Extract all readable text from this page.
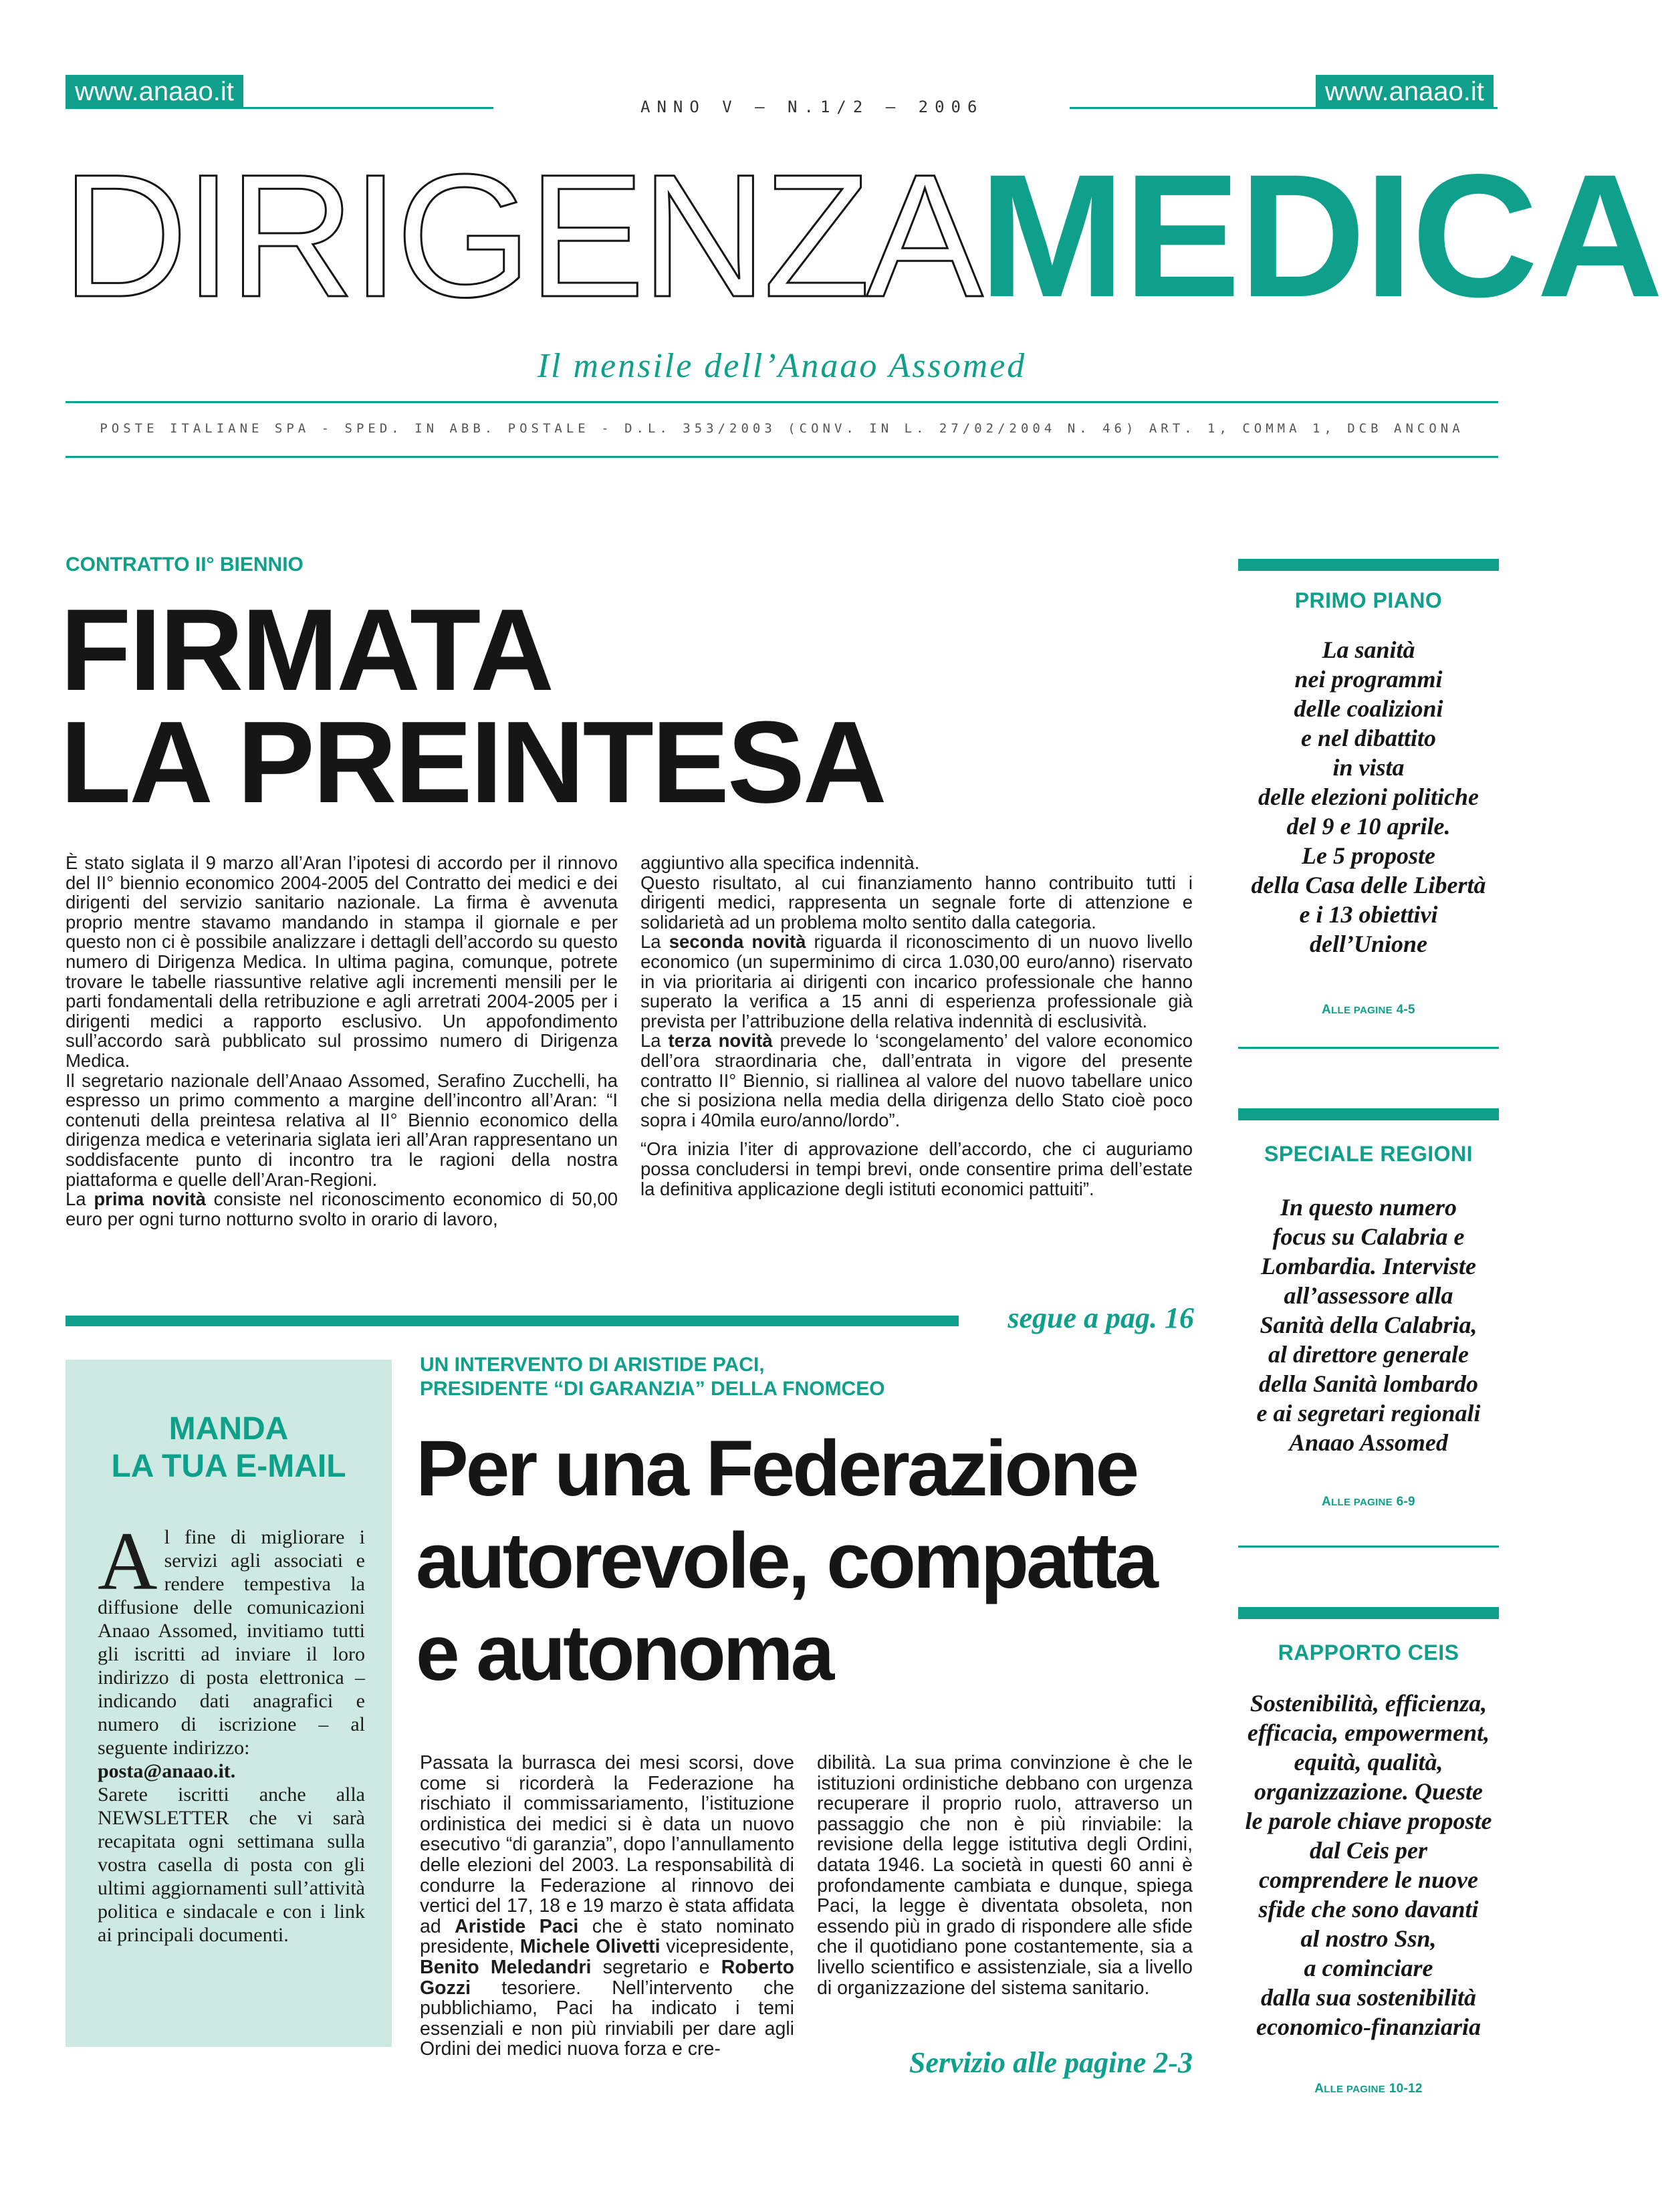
www.anaao.it
ANNO V – N.1/2 – 2006
www.anaao.it
DIRIGENZAMEDICA
Il mensile dell’Anaao Assomed
POSTE ITALIANE SPA - SPED. IN ABB. POSTALE - D.L. 353/2003 (CONV. IN L. 27/02/2004 N. 46) ART. 1, COMMA 1, DCB ANCONA
CONTRATTO II° BIENNIO
FIRMATA
LA PREINTESA

È stato siglata il 9 marzo all’Aran l’ipotesi di accordo per il rinnovo del II° biennio economico 2004-2005 del Contratto dei medici e dei dirigenti del servizio sanitario nazionale. La firma è avvenuta proprio mentre stavamo mandando in stampa il giornale e per questo non ci è possibile analizzare i dettagli dell’accordo su questo numero di Dirigenza Medica. In ultima pagina, comunque, potrete trovare le tabelle riassuntive relative agli incrementi mensili per le parti fondamentali della retribuzione e agli arretrati 2004-2005 per i dirigenti medici a rapporto esclusivo. Un appofondimento sull’accordo sarà pubblicato sul prossimo numero di Dirigenza Medica.

Il segretario nazionale dell’Anaao Assomed, Serafino Zucchelli, ha espresso un primo commento a margine dell’incontro all’Aran: “I contenuti della preintesa relativa al II° Biennio economico della dirigenza medica e veterinaria siglata ieri all’Aran rappresentano un soddisfacente punto di incontro tra le ragioni della nostra piattaforma e quelle dell’Aran-Regioni.

La prima novità consiste nel riconoscimento economico di 50,00 euro per ogni turno notturno svolto in orario di lavoro,

aggiuntivo alla specifica indennità.

Questo risultato, al cui finanziamento hanno contribuito tutti i dirigenti medici, rappresenta un segnale forte di attenzione e solidarietà ad un problema molto sentito dalla categoria.

La seconda novità riguarda il riconoscimento di un nuovo livello economico (un superminimo di circa 1.030,00 euro/anno) riservato in via prioritaria ai dirigenti con incarico professionale che hanno superato la verifica a 15 anni di esperienza professionale già prevista per l’attribuzione della relativa indennità di esclusività.

La terza novità prevede lo ‘scongelamento’ del valore economico dell’ora straordinaria che, dall’entrata in vigore del presente contratto II° Biennio, si riallinea al valore del nuovo tabellare unico che si posiziona nella media della dirigenza dello Stato cioè poco sopra i 40mila euro/anno/lordo”.

“Ora inizia l’iter di approvazione dell’accordo, che ci auguriamo possa concludersi in tempi brevi, onde consentire prima dell’estate la definitiva applicazione degli istituti economici pattuiti”.

segue a pag. 16
MANDA
LA TUA E-MAIL
Al fine di migliorare i servizi agli associati e rendere tempestiva la diffusione delle comunicazioni Anaao Assomed, invitiamo tutti gli iscritti ad inviare il loro indirizzo di posta elettronica – indicando dati anagrafici e numero di iscrizione – al seguente indirizzo:
posta@anaao.it.
Sarete iscritti anche alla NEWSLETTER che vi sarà recapitata ogni settimana sulla vostra casella di posta con gli ultimi aggiornamenti sull’attività politica e sindacale e con i link ai principali documenti.
UN INTERVENTO DI ARISTIDE PACI,
PRESIDENTE “DI GARANZIA” DELLA FNOMCEO
Per una Federazione
autorevole, compatta
e autonoma
Passata la burrasca dei mesi scorsi, dove come si ricorderà la Federazione ha rischiato il commissariamento, l’istituzione ordinistica dei medici si è data un nuovo esecutivo “di garanzia”, dopo l’annullamento delle elezioni del 2003. La responsabilità di condurre la Federazione al rinnovo dei vertici del 17, 18 e 19 marzo è stata affidata ad Aristide Paci che è stato nominato presidente, Michele Olivetti vicepresidente, Benito Meledandri segretario e Roberto Gozzi tesoriere. Nell’intervento che pubblichiamo, Paci ha indicato i temi essenziali e non più rinviabili per dare agli Ordini dei medici nuova forza e cre-
dibilità. La sua prima convinzione è che le istituzioni ordinistiche debbano con urgenza recuperare il proprio ruolo, attraverso un passaggio che non è più rinviabile: la revisione della legge istitutiva degli Ordini, datata 1946. La società in questi 60 anni è profondamente cambiata e dunque, spiega Paci, la legge è diventata obsoleta, non essendo più in grado di rispondere alle sfide che il quotidiano pone costantemente, sia a livello scientifico e assistenziale, sia a livello di organizzazione del sistema sanitario.
Servizio alle pagine 2-3
PRIMO PIANO
La sanità
nei programmi
delle coalizioni
e nel dibattito
in vista
delle elezioni politiche
del 9 e 10 aprile.
Le 5 proposte
della Casa delle Libertà
e i 13 obiettivi
dell’Unione
ALLE PAGINE 4-5
SPECIALE REGIONI
In questo numero
focus su Calabria e
Lombardia. Interviste
all’assessore alla
Sanità della Calabria,
al direttore generale
della Sanità lombardo
e ai segretari regionali
Anaao Assomed
ALLE PAGINE 6-9
RAPPORTO CEIS
Sostenibilità, efficienza,
efficacia, empowerment,
equità, qualità,
organizzazione. Queste
le parole chiave proposte
dal Ceis per
comprendere le nuove
sfide che sono davanti
al nostro Ssn,
a cominciare
dalla sua sostenibilità
economico-finanziaria
ALLE PAGINE 10-12
